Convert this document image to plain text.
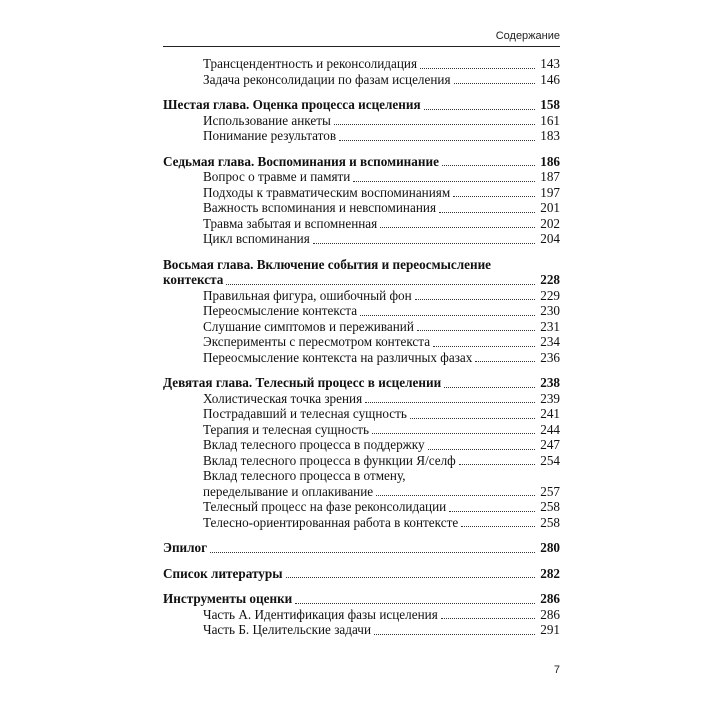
Содержание
Трансцендентность и реконсолидация	143
Задача реконсолидации по фазам исцеления	146
Шестая глава. Оценка процесса исцеления	158
Использование анкеты	161
Понимание результатов	183
Седьмая глава. Воспоминания и вспоминание	186
Вопрос о травме и памяти	187
Подходы к травматическим воспоминаниям	197
Важность вспоминания и невспоминания	201
Травма забытая и вспомненная	202
Цикл вспоминания	204
Восьмая глава. Включение события и переосмысление
контекста	228
Правильная фигура, ошибочный фон	229
Переосмысление контекста	230
Слушание симптомов и переживаний	231
Эксперименты с пересмотром контекста	234
Переосмысление контекста на различных фазах	236
Девятая глава. Телесный процесс в исцелении	238
Холистическая точка зрения	239
Пострадавший и телесная сущность	241
Терапия и телесная сущность	244
Вклад телесного процесса в поддержку	247
Вклад телесного процесса в функции Я/селф	254
Вклад телесного процесса в отмену,
переделывание и оплакивание	257
Телесный процесс на фазе реконсолидации	258
Телесно-ориентированная работа в контексте	258
Эпилог	280
Список литературы	282
Инструменты оценки	286
Часть А. Идентификация фазы исцеления	286
Часть Б. Целительские задачи	291
7
